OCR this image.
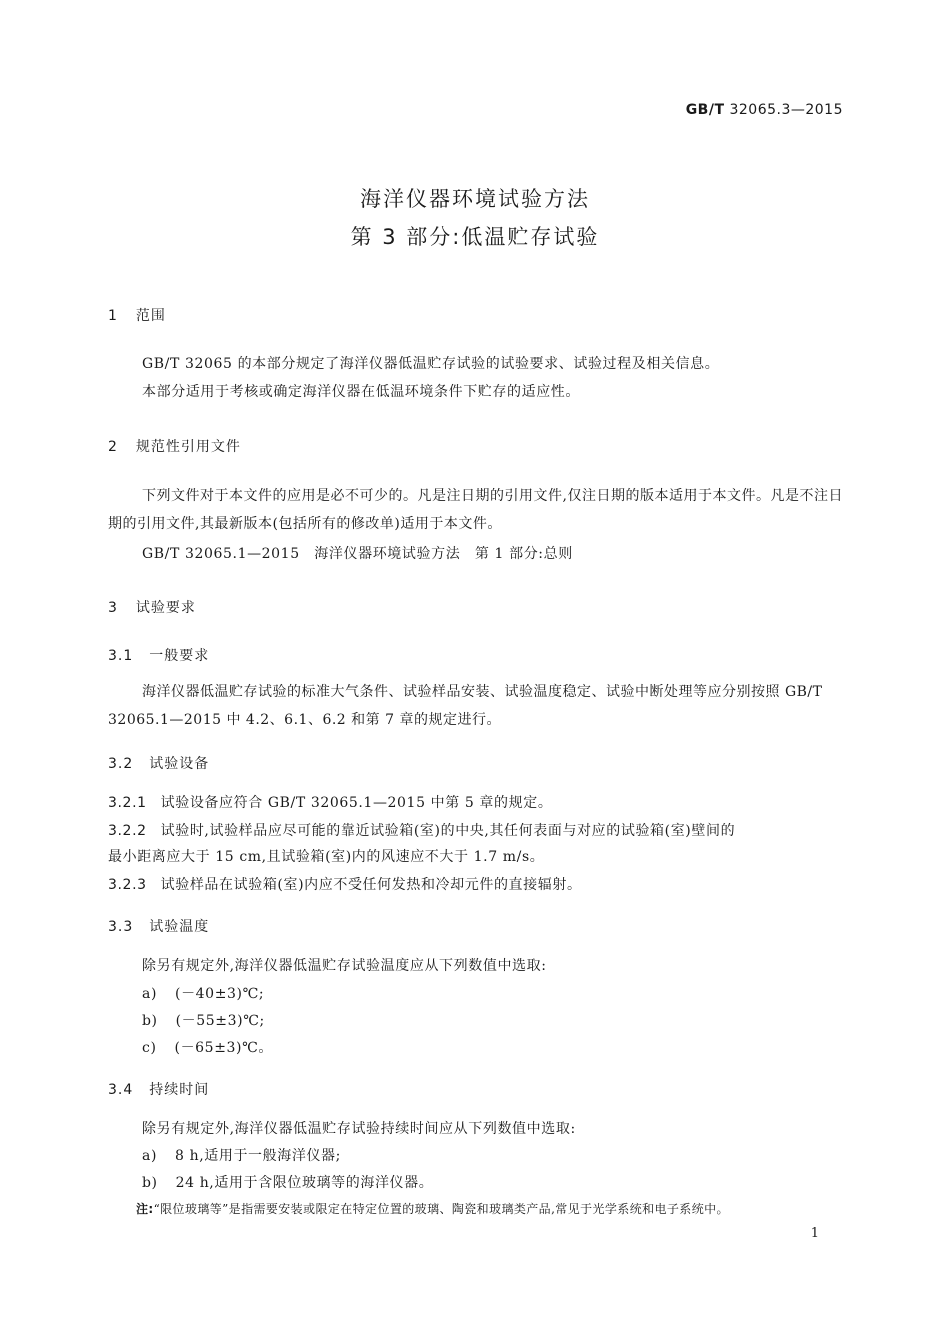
GB/T 32065.3—2015
海洋仪器环境试验方法
第 3 部分:低温贮存试验
1 范围
GB/T 32065 的本部分规定了海洋仪器低温贮存试验的试验要求、试验过程及相关信息。
本部分适用于考核或确定海洋仪器在低温环境条件下贮存的适应性。
2 规范性引用文件
下列文件对于本文件的应用是必不可少的。凡是注日期的引用文件,仅注日期的版本适用于本文件。凡是不注日期的引用文件,其最新版本(包括所有的修改单)适用于本文件。
GB/T 32065.1—2015　海洋仪器环境试验方法　第 1 部分:总则
3 试验要求
3.1 一般要求
海洋仪器低温贮存试验的标准大气条件、试验样品安装、试验温度稳定、试验中断处理等应分别按照 GB/T 32065.1—2015 中 4.2、6.1、6.2 和第 7 章的规定进行。
3.2 试验设备
3.2.1 试验设备应符合 GB/T 32065.1—2015 中第 5 章的规定。
3.2.2 试验时,试验样品应尽可能的靠近试验箱(室)的中央,其任何表面与对应的试验箱(室)壁间的
最小距离应大于 15 cm,且试验箱(室)内的风速应不大于 1.7 m/s。
3.2.3 试验样品在试验箱(室)内应不受任何发热和冷却元件的直接辐射。
3.3 试验温度
除另有规定外,海洋仪器低温贮存试验温度应从下列数值中选取:
a) (－40±3)℃;
b) (－55±3)℃;
c) (－65±3)℃。
3.4 持续时间
除另有规定外,海洋仪器低温贮存试验持续时间应从下列数值中选取:
a) 8 h,适用于一般海洋仪器;
b) 24 h,适用于含限位玻璃等的海洋仪器。
注:“限位玻璃等”是指需要安装或限定在特定位置的玻璃、陶瓷和玻璃类产品,常见于光学系统和电子系统中。
1
